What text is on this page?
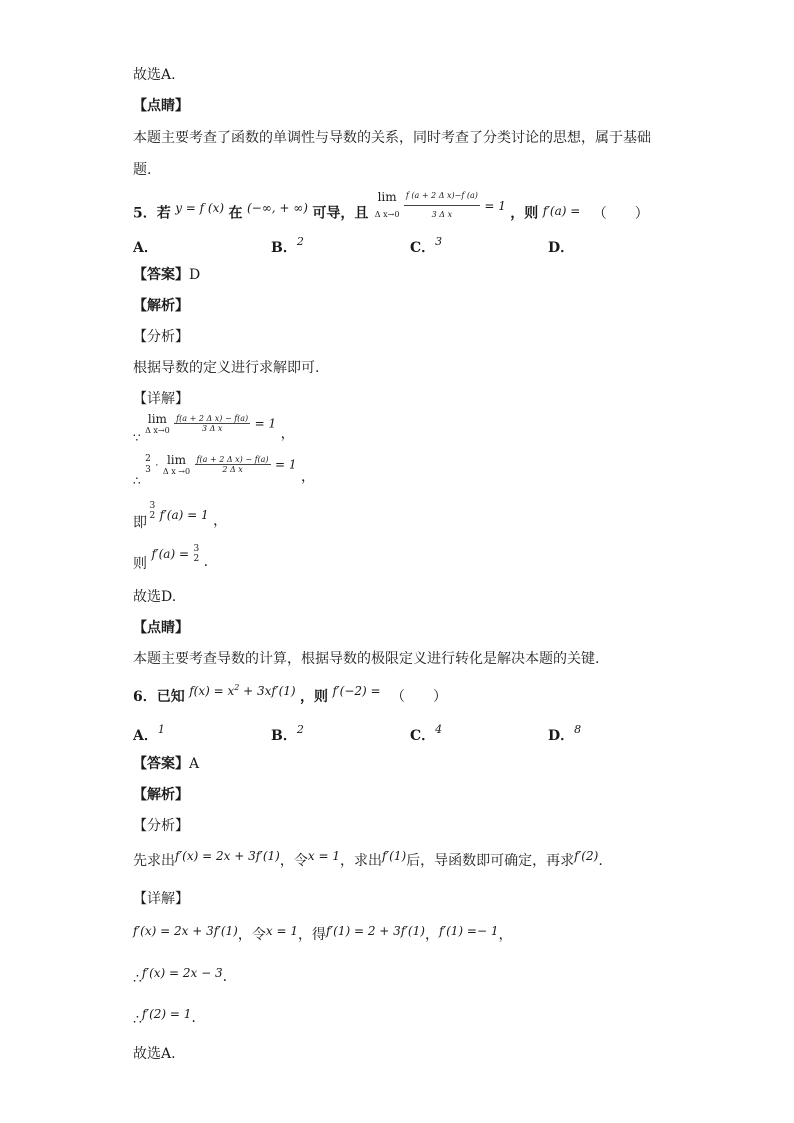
故选A.
【点睛】
本题主要考查了函数的单调性与导数的关系，同时考查了分类讨论的思想，属于基础
题.
5．若 y = f (x) 在 (−∞, + ∞) 可导，且
lim
Δ x→0
$\frac{\text{f (a + 2 Δ x)−f (a)}}{\text{3 Δ x}} = 1$ ，则 f′(a) = （　　）
A．	B．$^2$	C．$^3$	D．
【答案】D
【解析】
【分析】
根据导数的定义进行求解即可.
【详解】
∵
lim
Δ x→0
$\frac{\text{f(a + 2 Δ x) − f(a)}}{\text{3 Δ x}} = 1$ ，
∴
2
3 · lim
Δ x →0
$\frac{\text{f(a + 2 Δ x) − f(a)}}{\text{2 Δ x}} = 1$ ，
即
3
2 f′(a) = 1 ，
则 f′(a) = 3
2 .
故选D.
【点睛】
本题主要考查导数的计算，根据导数的极限定义进行转化是解决本题的关键.
6．已知 $f(x) = x^2 + 3xf'(1)$ ，则 f′(−2) = （　　）
A．$^1$	B．$^2$	C．$^4$	D．$^8$
【答案】A
【解析】
【分析】
先求出f′(x) = 2x + 3f′(1)，令x = 1，求出f′(1)后，导函数即可确定，再求f′(2).
【详解】
f′(x) = 2x + 3f′(1)，令x = 1，得f′(1) = 2 + 3f′(1)，f′(1) =− 1，
∴f′(x) = 2x − 3.
∴f′(2) = 1.
故选A.
